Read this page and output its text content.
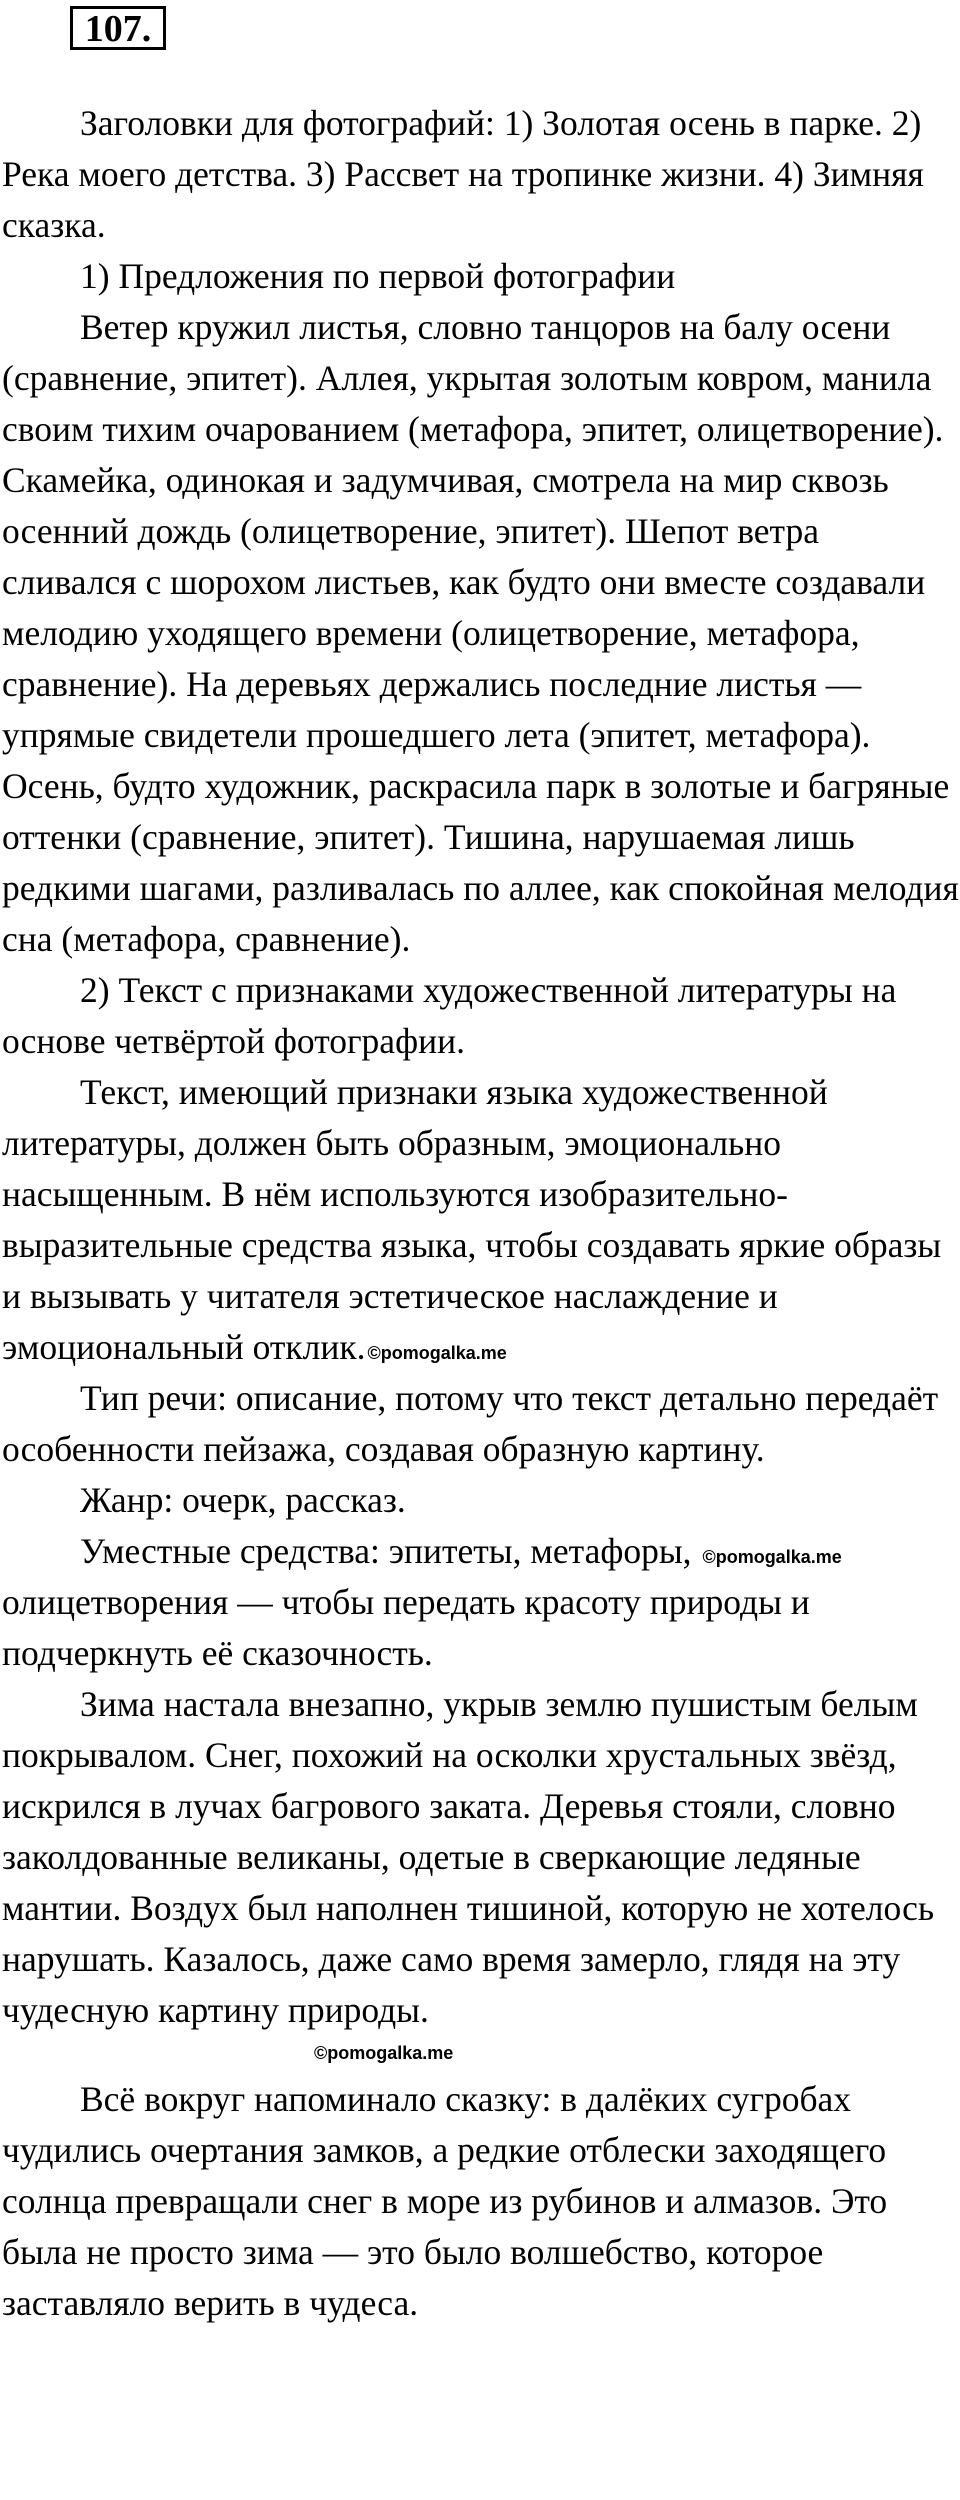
107.

Заголовки для фотографий: 1) Золотая осень в парке. 2) Река моего детства. 3) Рассвет на тропинке жизни. 4) Зимняя сказка.

1) Предложения по первой фотографии

Ветер кружил листья, словно танцоров на балу осени (сравнение, эпитет). Аллея, укрытая золотым ковром, манила своим тихим очарованием (метафора, эпитет, олицетворение). Скамейка, одинокая и задумчивая, смотрела на мир сквозь осенний дождь (олицетворение, эпитет). Шепот ветра сливался с шорохом листьев, как будто они вместе создавали мелодию уходящего времени (олицетворение, метафора, сравнение). На деревьях держались последние листья — упрямые свидетели прошедшего лета (эпитет, метафора). Осень, будто художник, раскрасила парк в золотые и багряные оттенки (сравнение, эпитет). Тишина, нарушаемая лишь редкими шагами, разливалась по аллее, как спокойная мелодия сна (метафора, сравнение).

2) Текст с признаками художественной литературы на основе четвёртой фотографии.

Текст, имеющий признаки языка художественной литературы, должен быть образным, эмоционально насыщенным. В нём используются изобразительно-выразительные средства языка, чтобы создавать яркие образы и вызывать у читателя эстетическое наслаждение и эмоциональный отклик. ©pomogalka.me

Тип речи: описание, потому что текст детально передаёт особенности пейзажа, создавая образную картину.

Жанр: очерк, рассказ.

Уместные средства: эпитеты, метафоры, ©pomogalka.me олицетворения — чтобы передать красоту природы и подчеркнуть её сказочность.

Зима настала внезапно, укрыв землю пушистым белым покрывалом. Снег, похожий на осколки хрустальных звёзд, искрился в лучах багрового заката. Деревья стояли, словно заколдованные великаны, одетые в сверкающие ледяные мантии. Воздух был наполнен тишиной, которую не хотелось нарушать. Казалось, даже само время замерло, глядя на эту чудесную картину природы.

©pomogalka.me

Всё вокруг напоминало сказку: в далёких сугробах чудились очертания замков, а редкие отблески заходящего солнца превращали снег в море из рубинов и алмазов. Это была не просто зима — это было волшебство, которое заставляло верить в чудеса.
